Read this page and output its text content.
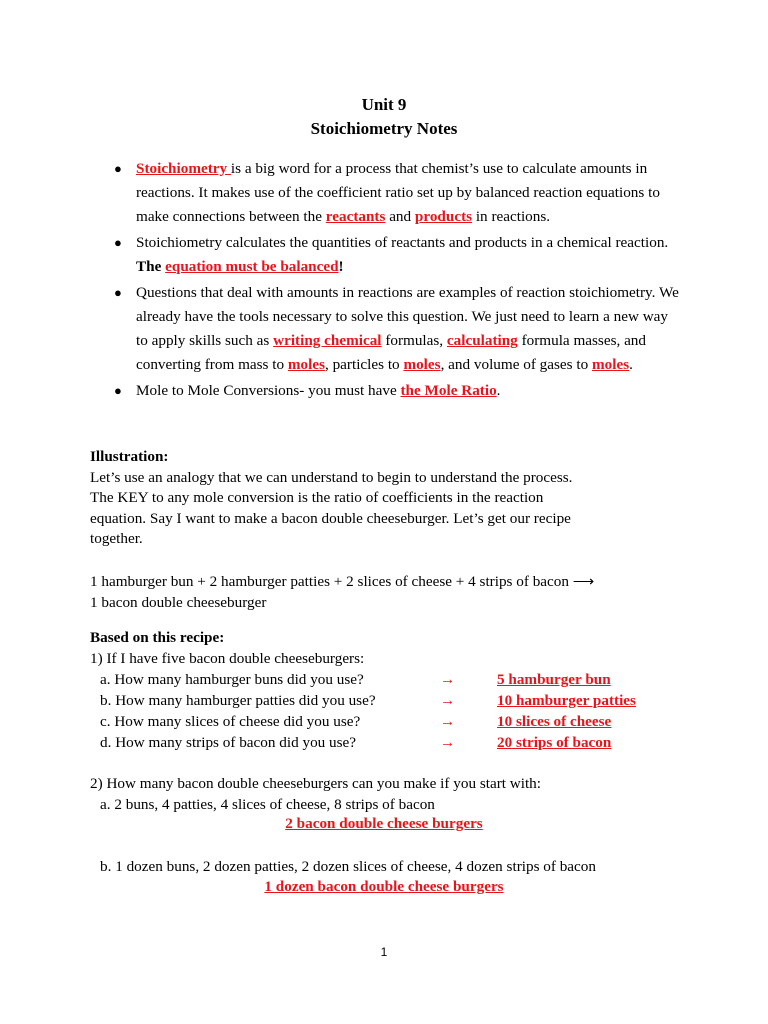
Unit 9
Stoichiometry Notes
● Stoichiometry is a big word for a process that chemist’s use to calculate amounts in reactions. It makes use of the coefficient ratio set up by balanced reaction equations to make connections between the reactants and products in reactions.
● Stoichiometry calculates the quantities of reactants and products in a chemical reaction. The equation must be balanced!
● Questions that deal with amounts in reactions are examples of reaction stoichiometry. We already have the tools necessary to solve this question. We just need to learn a new way to apply skills such as writing chemical formulas, calculating formula masses, and converting from mass to moles, particles to moles, and volume of gases to moles.
● Mole to Mole Conversions- you must have the Mole Ratio.
Illustration:
Let’s use an analogy that we can understand to begin to understand the process.
The KEY to any mole conversion is the ratio of coefficients in the reaction
equation. Say I want to make a bacon double cheeseburger. Let’s get our recipe
together.
1 hamburger bun + 2 hamburger patties + 2 slices of cheese + 4 strips of bacon ⟶
1 bacon double cheeseburger
Based on this recipe:
1) If I have five bacon double cheeseburgers:
a. How many hamburger buns did you use?	→	5 hamburger bun
b. How many hamburger patties did you use?	→	10 hamburger patties
c. How many slices of cheese did you use?	→	10 slices of cheese
d. How many strips of bacon did you use?	→	20 strips of bacon
2) How many bacon double cheeseburgers can you make if you start with:
a. 2 buns, 4 patties, 4 slices of cheese, 8 strips of bacon
2 bacon double cheese burgers
b. 1 dozen buns, 2 dozen patties, 2 dozen slices of cheese, 4 dozen strips of bacon
1 dozen bacon double cheese burgers
1
